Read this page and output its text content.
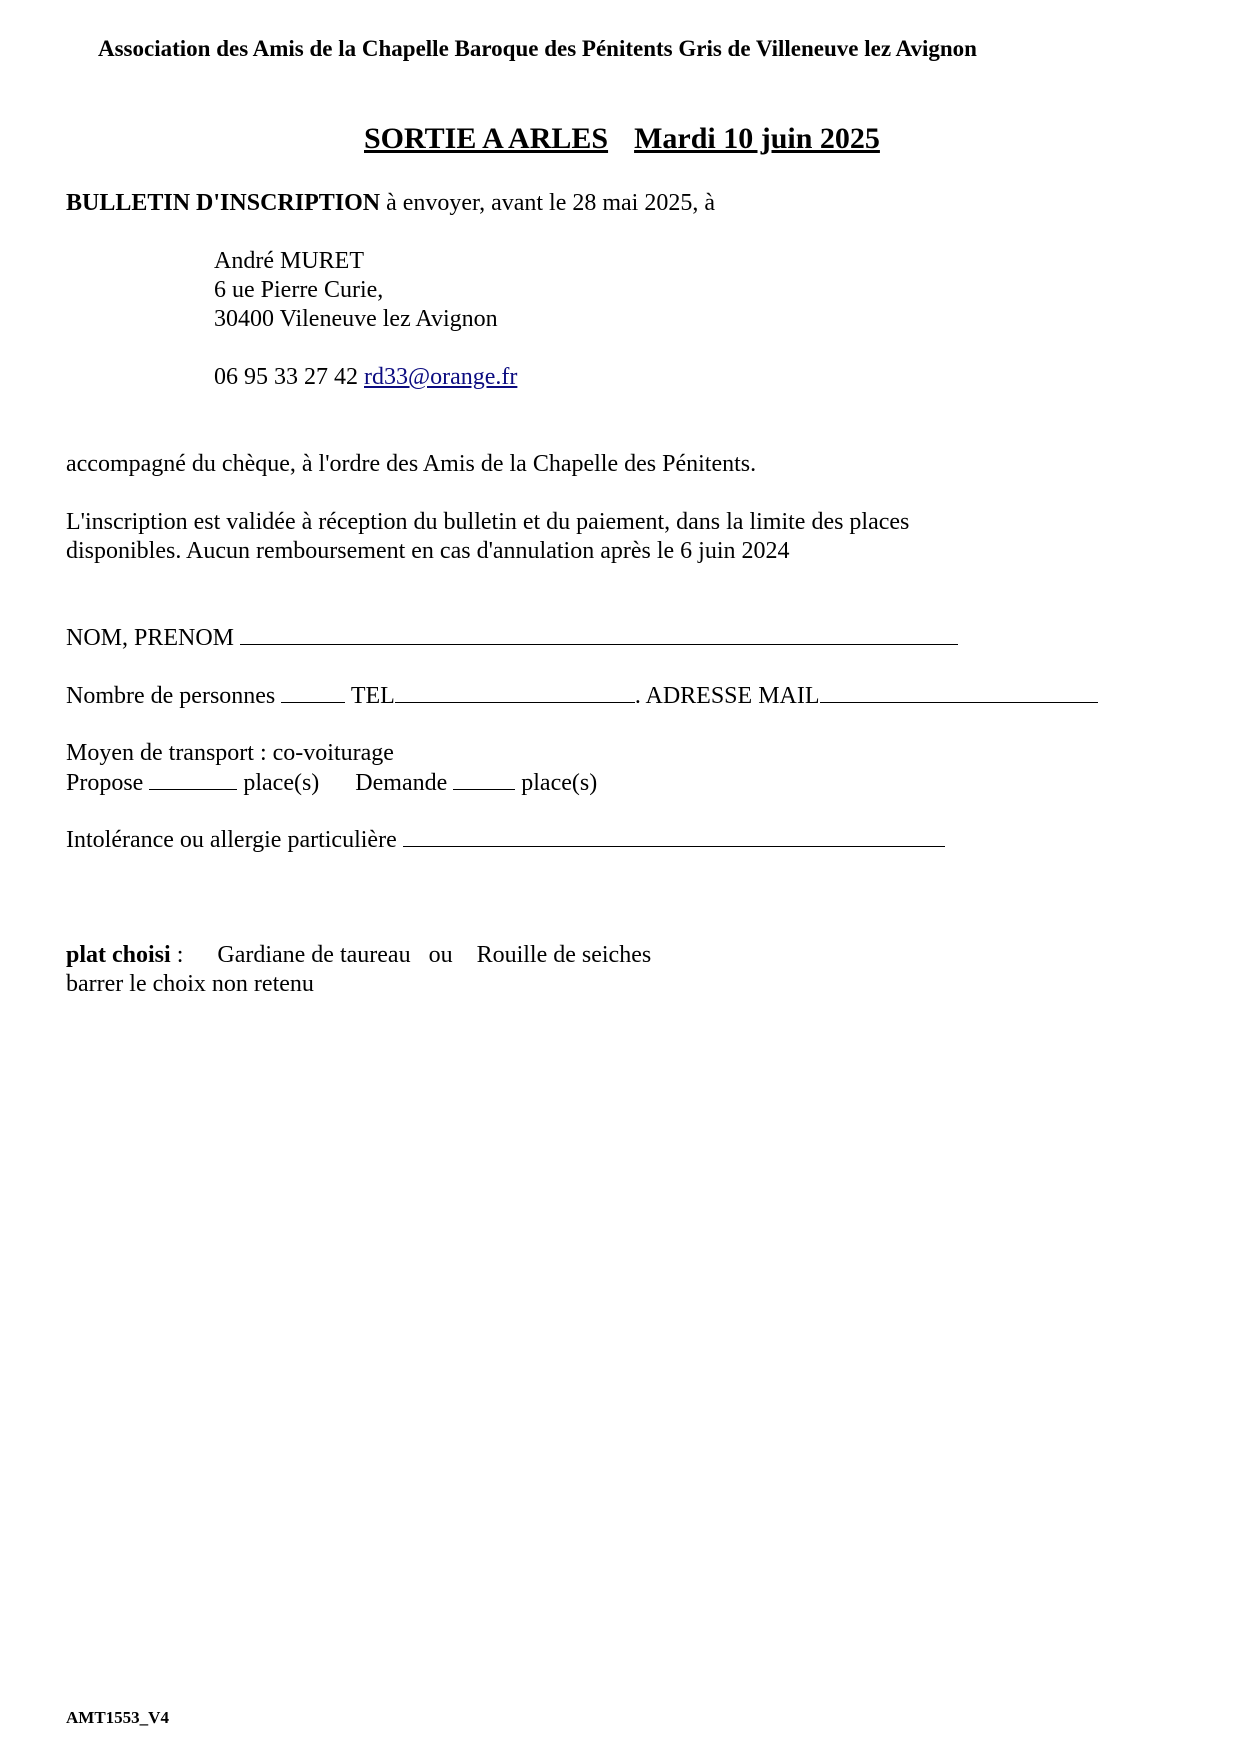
Association des Amis de la Chapelle Baroque des Pénitents Gris de Villeneuve lez Avignon
SORTIE A ARLES Mardi 10 juin 2025
BULLETIN D'INSCRIPTION à envoyer, avant le 28 mai 2025, à
André MURET
6 ue Pierre Curie,
30400 Vileneuve lez Avignon
06 95 33 27 42 rd33@orange.fr
accompagné du chèque, à l'ordre des Amis de la Chapelle des Pénitents.
L'inscription est validée à réception du bulletin et du paiement, dans la limite des places
disponibles. Aucun remboursement en cas d'annulation après le 6 juin 2024
NOM, PRENOM
Nombre de personnes	TEL	. ADRESSE MAIL
Moyen de transport : co-voiturage
Propose	place(s) Demande	place(s)
Intolérance ou allergie particulière
plat choisi : Gardiane de taureau ou Rouille de seiches
barrer le choix non retenu
AMT1553_V4
